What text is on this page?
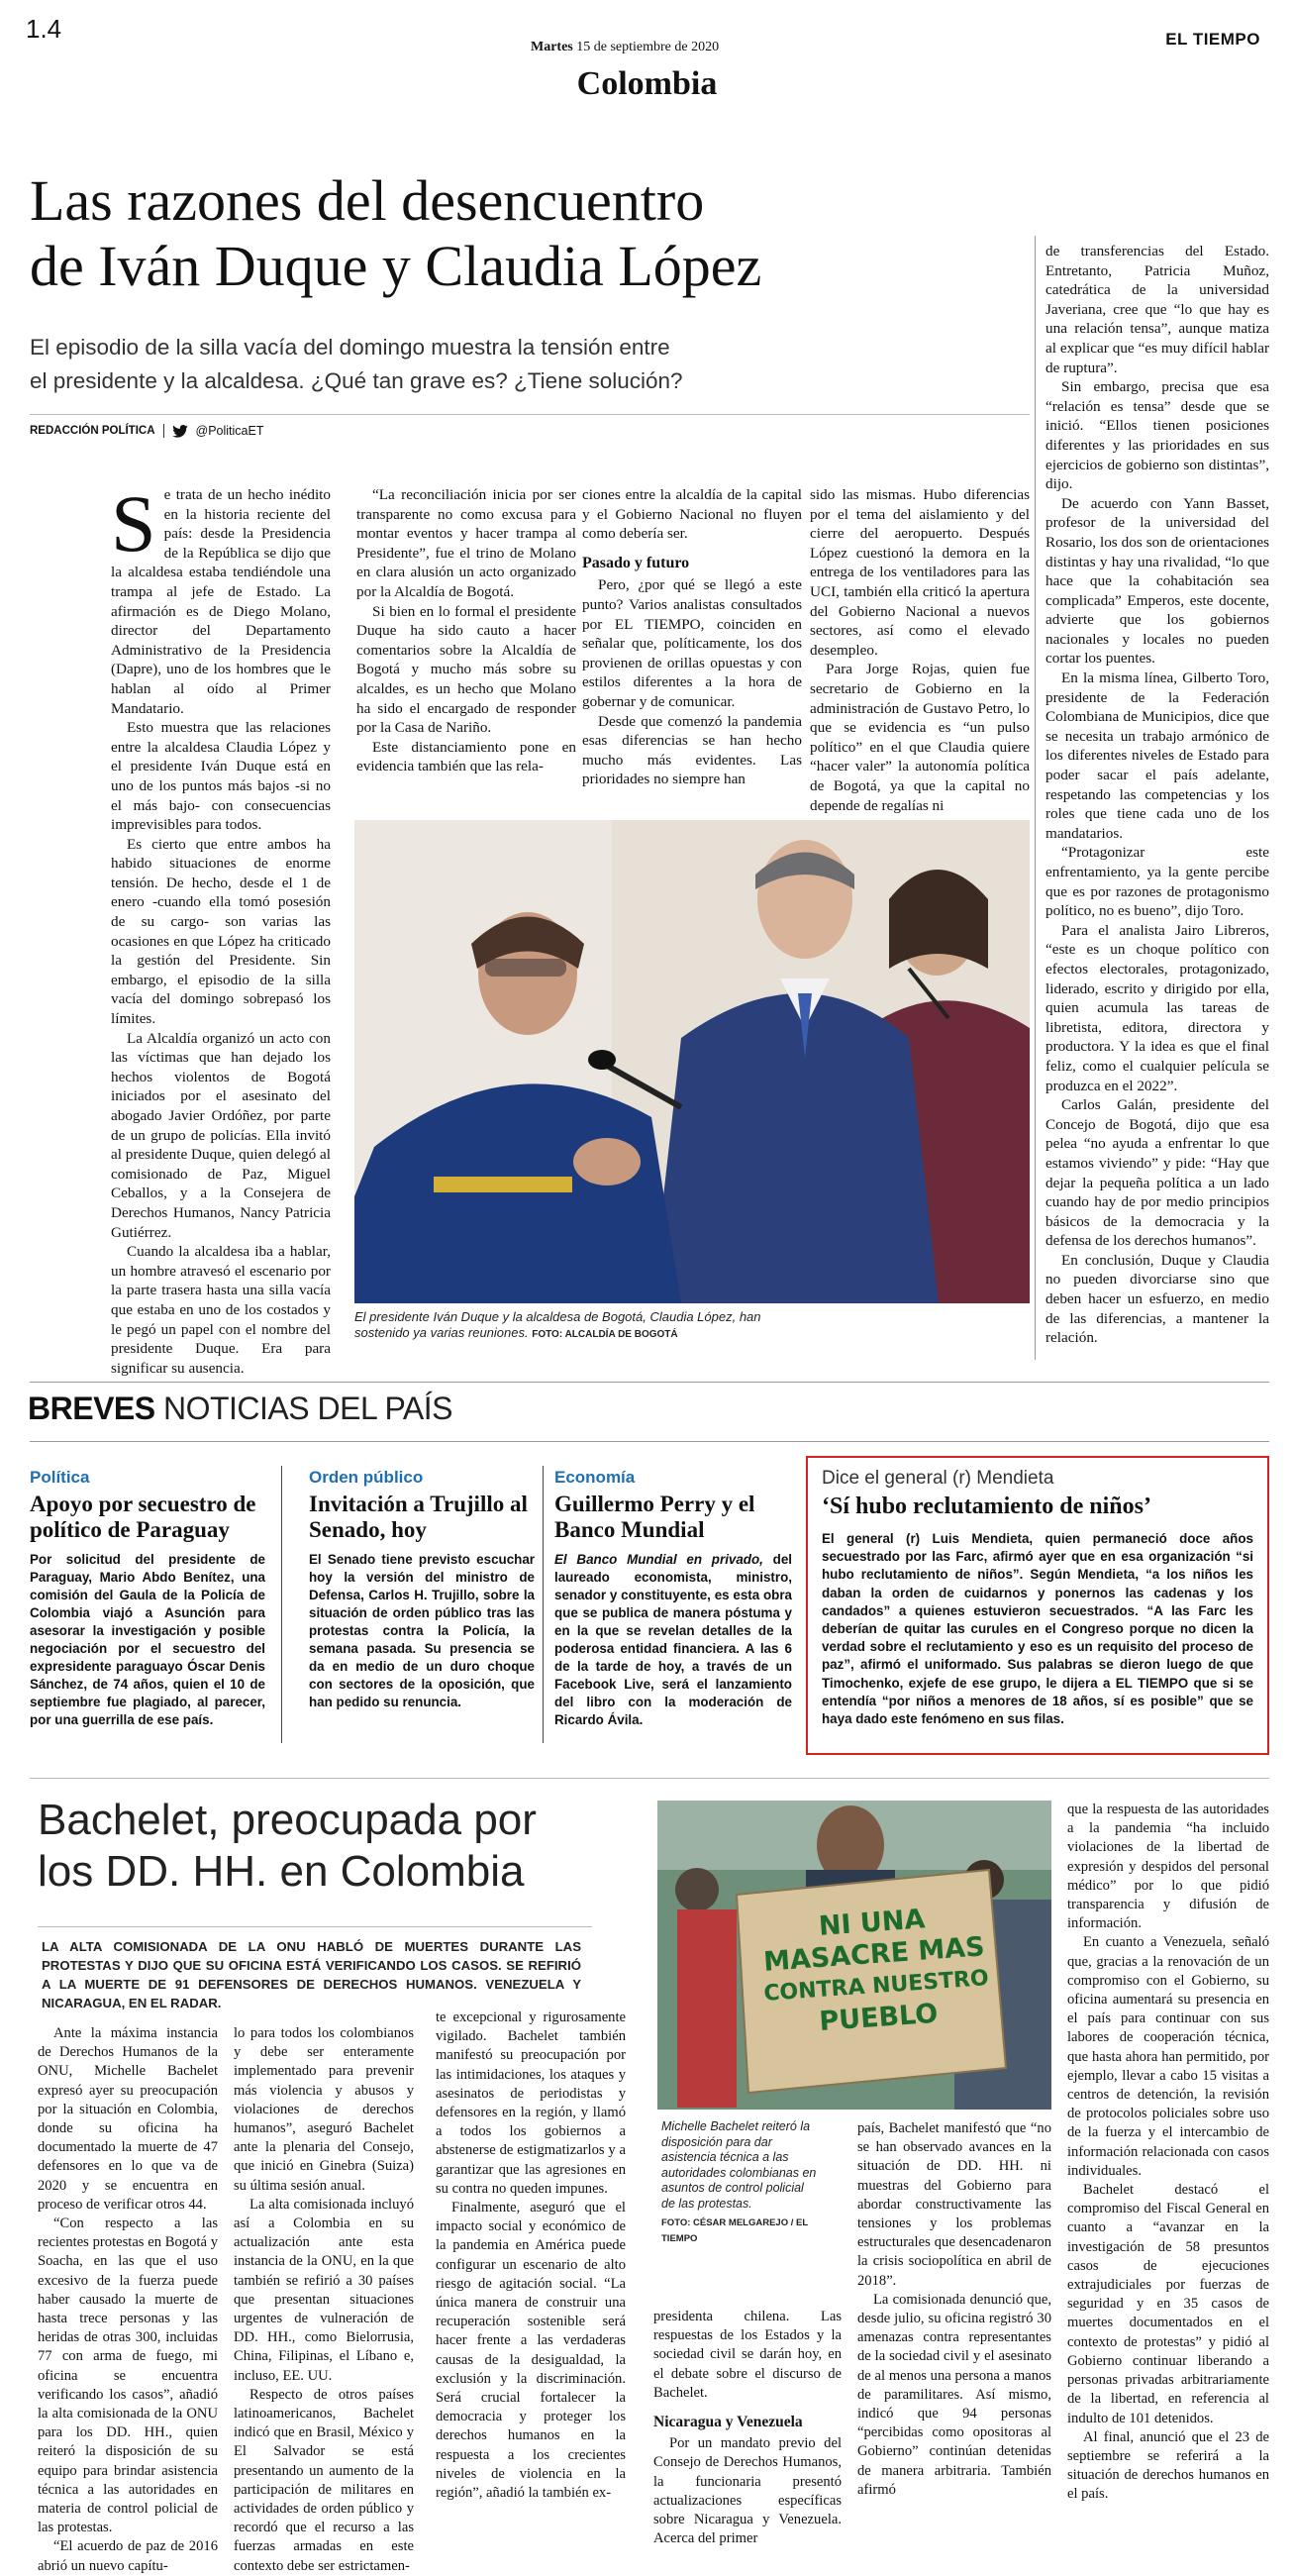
1.4
Martes 15 de septiembre de 2020	EL TIEMPO
Colombia
Las razones del desencuentro
de Iván Duque y Claudia López
El episodio de la silla vacía del domingo muestra la tensión entre
el presidente y la alcaldesa. ¿Qué tan grave es? ¿Tiene solución?
REDACCIÓN POLÍTICA	@PoliticaET
S e trata de un hecho inédito en la historia reciente del país: desde la Presidencia de la República se dijo que la alcaldesa estaba tendiéndole una trampa al jefe de Estado. La afirmación es de Diego Molano, director del Departamento Administrativo de la Presidencia (Dapre), uno de los hombres que le hablan al oído al Primer Mandatario.

Esto muestra que las relaciones entre la alcaldesa Claudia López y el presidente Iván Duque está en uno de los puntos más bajos -si no el más bajo- con consecuencias imprevisibles para todos.

Es cierto que entre ambos ha habido situaciones de enorme tensión. De hecho, desde el 1 de enero -cuando ella tomó posesión de su cargo- son varias las ocasiones en que López ha criticado la gestión del Presidente. Sin embargo, el episodio de la silla vacía del domingo sobrepasó los límites.

La Alcaldía organizó un acto con las víctimas que han dejado los hechos violentos de Bogotá iniciados por el asesinato del abogado Javier Ordóñez, por parte de un grupo de policías. Ella invitó al presidente Duque, quien delegó al comisionado de Paz, Miguel Ceballos, y a la Consejera de Derechos Humanos, Nancy Patricia Gutiérrez.

Cuando la alcaldesa iba a hablar, un hombre atravesó el escenario por la parte trasera hasta una silla vacía que estaba en uno de los costados y le pegó un papel con el nombre del presidente Duque. Era para significar su ausencia.

“La reconciliación inicia por ser transparente no como excusa para montar eventos y hacer trampa al Presidente”, fue el trino de Molano en clara alusión un acto organizado por la Alcaldía de Bogotá.

Si bien en lo formal el presidente Duque ha sido cauto a hacer comentarios sobre la Alcaldía de Bogotá y mucho más sobre su alcaldes, es un hecho que Molano ha sido el encargado de responder por la Casa de Nariño.

Este distanciamiento pone en evidencia también que las rela-

ciones entre la alcaldía de la capital y el Gobierno Nacional no fluyen como debería ser.

Pasado y futuro

Pero, ¿por qué se llegó a este punto? Varios analistas consultados por EL TIEMPO, coinciden en señalar que, políticamente, los dos provienen de orillas opuestas y con estilos diferentes a la hora de gobernar y de comunicar.

Desde que comenzó la pandemia esas diferencias se han hecho mucho más evidentes. Las prioridades no siempre han

sido las mismas. Hubo diferencias por el tema del aislamiento y del cierre del aeropuerto. Después López cuestionó la demora en la entrega de los ventiladores para las UCI, también ella criticó la apertura del Gobierno Nacional a nuevos sectores, así como el elevado desempleo.

Para Jorge Rojas, quien fue secretario de Gobierno en la administración de Gustavo Petro, lo que se evidencia es “un pulso político” en el que Claudia quiere “hacer valer” la autonomía política de Bogotá, ya que la capital no depende de regalías ni

de transferencias del Estado. Entretanto, Patricia Muñoz, catedrática de la universidad Javeriana, cree que “lo que hay es una relación tensa”, aunque matiza al explicar que “es muy difícil hablar de ruptura”.

Sin embargo, precisa que esa “relación es tensa” desde que se inició. “Ellos tienen posiciones diferentes y las prioridades en sus ejercicios de gobierno son distintas”, dijo.

De acuerdo con Yann Basset, profesor de la universidad del Rosario, los dos son de orientaciones distintas y hay una rivalidad, “lo que hace que la cohabitación sea complicada” Emperos, este docente, advierte que los gobiernos nacionales y locales no pueden cortar los puentes.

En la misma línea, Gilberto Toro, presidente de la Federación Colombiana de Municipios, dice que se necesita un trabajo armónico de los diferentes niveles de Estado para poder sacar el país adelante, respetando las competencias y los roles que tiene cada uno de los mandatarios.

“Protagonizar este enfrentamiento, ya la gente percibe que es por razones de protagonismo político, no es bueno”, dijo Toro.

Para el analista Jairo Libreros, “este es un choque político con efectos electorales, protagonizado, liderado, escrito y dirigido por ella, quien acumula las tareas de libretista, editora, directora y productora. Y la idea es que el final feliz, como el cualquier película se produzca en el 2022”.

Carlos Galán, presidente del Concejo de Bogotá, dijo que esa pelea “no ayuda a enfrentar lo que estamos viviendo” y pide: “Hay que dejar la pequeña política a un lado cuando hay de por medio principios básicos de la democracia y la defensa de los derechos humanos”.

En conclusión, Duque y Claudia no pueden divorciarse sino que deben hacer un esfuerzo, en medio de las diferencias, a mantener la relación.

El presidente Iván Duque y la alcaldesa de Bogotá, Claudia López, han sostenido ya varias reuniones. FOTO: ALCALDÍA DE BOGOTÁ
BREVES NOTICIAS DEL PAÍS
Política
Apoyo por secuestro de político de Paraguay
Por solicitud del presidente de Paraguay, Mario Abdo Benítez, una comisión del Gaula de la Policía de Colombia viajó a Asunción para asesorar la investigación y posible negociación por el secuestro del expresidente paraguayo Óscar Denis Sánchez, de 74 años, quien el 10 de septiembre fue plagiado, al parecer, por una guerrilla de ese país.
Orden público
Invitación a Trujillo al Senado, hoy
El Senado tiene previsto escuchar hoy la versión del ministro de Defensa, Carlos H. Trujillo, sobre la situación de orden público tras las protestas contra la Policía, la semana pasada. Su presencia se da en medio de un duro choque con sectores de la oposición, que han pedido su renuncia.
Economía
Guillermo Perry y el Banco Mundial
El Banco Mundial en privado, del laureado economista, ministro, senador y constituyente, es esta obra que se publica de manera póstuma y en la que se revelan detalles de la poderosa entidad financiera. A las 6 de la tarde de hoy, a través de un Facebook Live, será el lanzamiento del libro con la moderación de Ricardo Ávila.
Dice el general (r) Mendieta
‘Sí hubo reclutamiento de niños’
El general (r) Luis Mendieta, quien permaneció doce años secuestrado por las Farc, afirmó ayer que en esa organización “si hubo reclutamiento de niños”. Según Mendieta, “a los niños les daban la orden de cuidarnos y ponernos las cadenas y los candados” a quienes estuvieron secuestrados. “A las Farc les deberían de quitar las curules en el Congreso porque no dicen la verdad sobre el reclutamiento y eso es un requisito del proceso de paz”, afirmó el uniformado. Sus palabras se dieron luego de que Timochenko, exjefe de ese grupo, le dijera a EL TIEMPO que si se entendía “por niños a menores de 18 años, sí es posible” que se haya dado este fenómeno en sus filas.
Bachelet, preocupada por
los DD. HH. en Colombia
LA ALTA COMISIONADA DE LA ONU HABLÓ DE MUERTES DURANTE LAS PROTESTAS Y DIJO QUE SU OFICINA ESTÁ VERIFICANDO LOS CASOS. SE REFIRIÓ A LA MUERTE DE 91 DEFENSORES DE DERECHOS HUMANOS. VENEZUELA Y NICARAGUA, EN EL RADAR.

Ante la máxima instancia de Derechos Humanos de la ONU, Michelle Bachelet expresó ayer su preocupación por la situación en Colombia, donde su oficina ha documentado la muerte de 47 defensores en lo que va de 2020 y se encuentra en proceso de verificar otros 44.

“Con respecto a las recientes protestas en Bogotá y Soacha, en las que el uso excesivo de la fuerza puede haber causado la muerte de hasta trece personas y las heridas de otras 300, incluidas 77 con arma de fuego, mi oficina se encuentra verificando los casos”, añadió la alta comisionada de la ONU para los DD. HH., quien reiteró la disposición de su equipo para brindar asistencia técnica a las autoridades en materia de control policial de las protestas.

“El acuerdo de paz de 2016 abrió un nuevo capítu-

lo para todos los colombianos y debe ser enteramente implementado para prevenir más violencia y abusos y violaciones de derechos humanos”, aseguró Bachelet ante la plenaria del Consejo, que inició en Ginebra (Suiza) su última sesión anual.

La alta comisionada incluyó así a Colombia en su actualización ante esta instancia de la ONU, en la que también se refirió a 30 países que presentan situaciones urgentes de vulneración de DD. HH., como Bielorrusia, China, Filipinas, el Líbano e, incluso, EE. UU.

Respecto de otros países latinoamericanos, Bachelet indicó que en Brasil, México y El Salvador se está presentando un aumento de la participación de militares en actividades de orden público y recordó que el recurso a las fuerzas armadas en este contexto debe ser estrictamen-

te excepcional y rigurosamente vigilado. Bachelet también manifestó su preocupación por las intimidaciones, los ataques y asesinatos de periodistas y defensores en la región, y llamó a todos los gobiernos a abstenerse de estigmatizarlos y a garantizar que las agresiones en su contra no queden impunes.

Finalmente, aseguró que el impacto social y económico de la pandemia en América puede configurar un escenario de alto riesgo de agitación social. “La única manera de construir una recuperación sostenible será hacer frente a las verdaderas causas de la desigualdad, la exclusión y la discriminación. Será crucial fortalecer la democracia y proteger los derechos humanos en la respuesta a los crecientes niveles de violencia en la región”, añadió la también ex-

NI UNA
MASACRE MAS
CONTRA NUESTRO
PUEBLO
Michelle Bachelet reiteró la disposición para dar asistencia técnica a las autoridades colombianas en asuntos de control policial de las protestas.
FOTO: CÉSAR MELGAREJO / EL TIEMPO

presidenta chilena. Las respuestas de los Estados y la sociedad civil se darán hoy, en el debate sobre el discurso de Bachelet.

Nicaragua y Venezuela

Por un mandato previo del Consejo de Derechos Humanos, la funcionaria presentó actualizaciones específicas sobre Nicaragua y Venezuela. Acerca del primer

país, Bachelet manifestó que “no se han observado avances en la situación de DD. HH. ni muestras del Gobierno para abordar constructivamente las tensiones y los problemas estructurales que desencadenaron la crisis sociopolítica en abril de 2018”.

La comisionada denunció que, desde julio, su oficina registró 30 amenazas contra representantes de la sociedad civil y el asesinato de al menos una persona a manos de paramilitares. Así mismo, indicó que 94 personas “percibidas como opositoras al Gobierno” continúan detenidas de manera arbitraria. También afirmó

que la respuesta de las autoridades a la pandemia “ha incluido violaciones de la libertad de expresión y despidos del personal médico” por lo que pidió transparencia y difusión de información.

En cuanto a Venezuela, señaló que, gracias a la renovación de un compromiso con el Gobierno, su oficina aumentará su presencia en el país para continuar con sus labores de cooperación técnica, que hasta ahora han permitido, por ejemplo, llevar a cabo 15 visitas a centros de detención, la revisión de protocolos policiales sobre uso de la fuerza y el intercambio de información relacionada con casos individuales.

Bachelet destacó el compromiso del Fiscal General en cuanto a “avanzar en la investigación de 58 presuntos casos de ejecuciones extrajudiciales por fuerzas de seguridad y en 35 casos de muertes documentados en el contexto de protestas” y pidió al Gobierno continuar liberando a personas privadas arbitrariamente de la libertad, en referencia al indulto de 101 detenidos.

Al final, anunció que el 23 de septiembre se referirá a la situación de derechos humanos en el país.
